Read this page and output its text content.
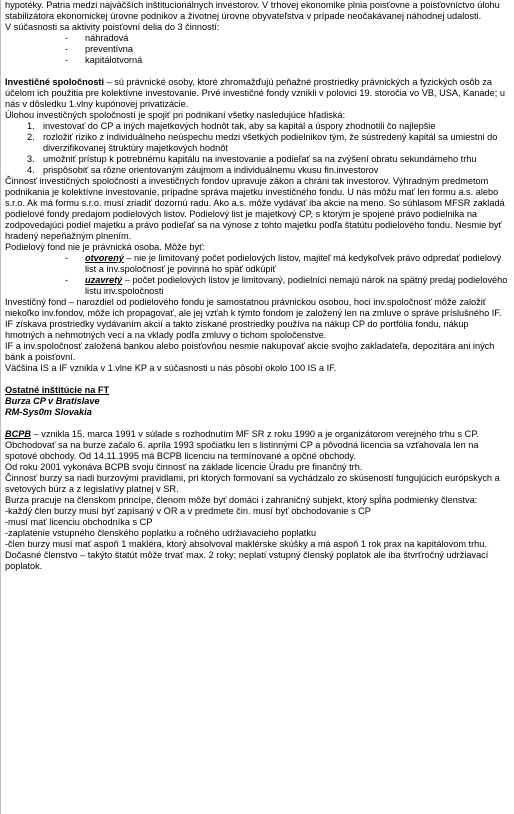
hypotéky. Patria medzi najväčších inštitucionálnych investorov. V trhovej ekonomike plnia poisťovne a poisťovníctvo úlohu stabilizátora ekonomickej úrovne podnikov a životnej úrovne obyvateľstva v prípade neočakávanej náhodnej udalosti.

V súčasnosti sa aktivity poisťovní delia do 3 činností:

- náhradová
- preventívna
- kapitálotvorná

Investičné spoločnosti – sú právnické osoby, ktoré zhromažďujú peňažné prostriedky právnických a fyzických osôb za účelom ich použitia pre kolektívne investovanie. Prvé investičné fondy vznikli v polovici 19. storočia vo VB, USA, Kanade; u nás v dôsledku 1.vlny kupónovej privatizácie.

Úlohou investičných spoločností je spojiť pri podnikaní všetky nasledujúce hľadiská:

1. investovať do CP a iných majetkových hodnôt tak, aby sa kapitál a úspory zhodnotili čo najlepšie
2. rozložiť riziko z individuálneho neúspechu medzi všetkých podielnikov tým, že sústredený kapitál sa umiestni do diverzifikovanej štruktúry majetkových hodnôt
3. umožniť prístup k potrebnému kapitálu na investovanie a podieľať sa na zvýšení obratu sekundárneho trhu
4. prispôsobiť sa rôzne orientovaným záujmom a individuálnemu vkusu fin.investorov

Činnosť investičných spoločností a investičných fondov upravuje zákon a chráni tak investorov. Výhradným predmetom podnikania je kolektívne investovanie, prípadne správa majetku investičného fondu. U nás môžu mať len formu a.s. alebo s.r.o. Ak má formu s.r.o. musí zriadiť dozornú radu. Ako a.s. môže vydávať iba akcie na meno. So súhlasom MFSR zakladá podielové fondy predajom podielových listov. Podielový list je majetkový CP, s ktorým je spojené právo podielnika na zodpovedajúci podiel majetku a právo podieľať sa na výnose z tohto majetku podľa štatútu podielového fondu. Nesmie byť hradený nepeňažným plnením.

Podielový fond nie je právnická osoba. Môže byť:

- otvorený – nie je limitovaný počet podielových listov, majiteľ má kedykoľvek právo odpredať podielový list a inv.spoločnosť je povinná ho späť odkúpiť
- uzavretý – počet podielových listov je limitovaný, podielníci nemajú nárok na spätný predaj podielového listu inv.spoločnosti

Investičný fond – narozdiel od podielového fondu je samostatnou právnickou osobou, hoci inv.spoločnosť môže založiť niekoľko inv.fondov, môže ich propagovať, ale jej vzťah k týmto fondom je založený len na zmluve o správe príslušného IF. IF získava prostriedky vydávaním akcií a takto získané prostriedky používa na nákup CP do portfólia fondu, nákup hmotných a nehmotných vecí a na vklady podľa zmluvy o tichom spoločenstve.

IF a inv.spoločnosť založená bankou alebo poisťovňou nesmie nakupovať akcie svojho zakladateľa, depozitára ani iných bánk a poisťovní.

Väčšina IS a IF vznikla v 1.vlne KP a v súčasnosti u nás pôsobí okolo 100 IS a IF.

Ostatné inštitúcie na FT

Burza CP v Bratislave

RM-Sys0m Slovakia

BCPB – vznikla 15. marca 1991 v súlade s rozhodnutím MF SR z roku 1990 a je organizátorom verejného trhu s CP. Obchodovať sa na burze začalo 6. apríla 1993 spočiatku len s listinnými CP a pôvodná licencia sa vzťahovala len na spotové obchody. Od 14.11.1995 má BCPB licenciu na termínované a opčné obchody.

Od roku 2001 vykonáva BCPB svoju činnosť na základe licencie Úradu pre finančný trh.

Činnosť burzy sa riadi burzovými pravidlami, pri ktorých formovaní sa vychádzalo zo skúseností fungujúcich európskych a svetových búrz a z legislatívy platnej v SR.

Burza pracuje na členskom princípe, členom môže byť domáci i zahraničný subjekt, ktorý spĺňa podmienky členstva:

-každý člen burzy musí byť zapísaný v OR a v predmete čin. musí byť obchodovanie s CP

-musí mať licenciu obchodníka s CP

-zaplatenie vstupného členského poplatku a ročného udržiavacieho poplatku

-člen burzy musí mať aspoň 1 makléra, ktorý absolvoval maklérske skúšky a má aspoň 1 rok prax na kapitálovom trhu.

Dočasné členstvo – takýto štatút môže trvať max. 2 roky; neplatí vstupný členský poplatok ale iba štvrťročný udržiavací poplatok.
